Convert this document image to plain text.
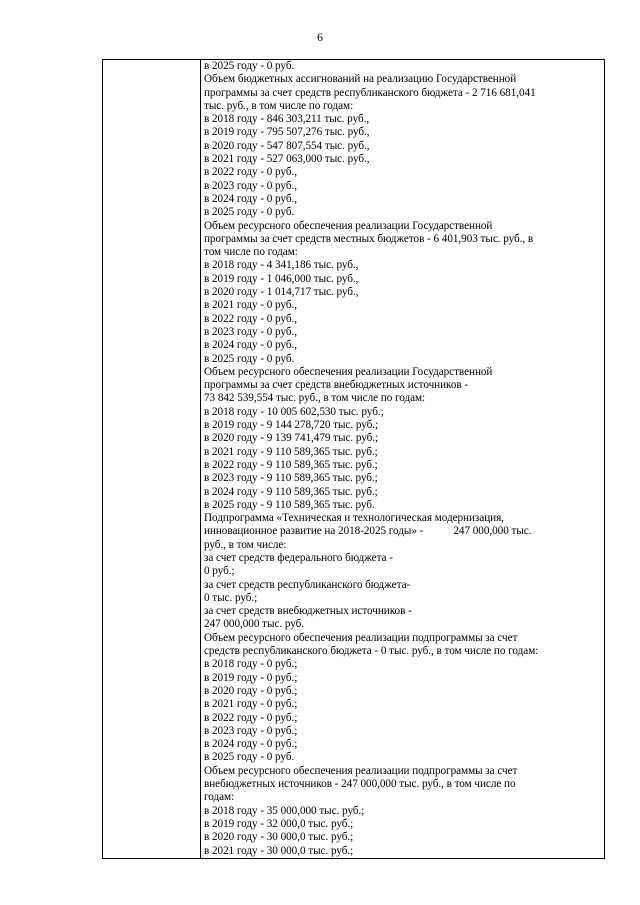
6

в 2025 году - 0 руб.
Объем бюджетных ассигнований на реализацию Государственной
программы за счет средств республиканского бюджета - 2 716 681,041
тыс. руб., в том числе по годам:
в 2018 году - 846 303,211 тыс. руб.,
в 2019 году - 795 507,276 тыс. руб.,
в 2020 году - 547 807,554 тыс. руб.,
в 2021 году - 527 063,000 тыс. руб.,
в 2022 году - 0 руб.,
в 2023 году - 0 руб.,
в 2024 году - 0 руб.,
в 2025 году - 0 руб.
Объем ресурсного обеспечения реализации Государственной
программы за счет средств местных бюджетов - 6 401,903 тыс. руб., в
том числе по годам:
в 2018 году - 4 341,186 тыс. руб.,
в 2019 году - 1 046,000 тыс. руб.,
в 2020 году - 1 014,717 тыс. руб.,
в 2021 году - 0 руб.,
в 2022 году - 0 руб.,
в 2023 году - 0 руб.,
в 2024 году - 0 руб.,
в 2025 году - 0 руб.
Объем ресурсного обеспечения реализации Государственной
программы за счет средств внебюджетных источников -
73 842 539,554 тыс. руб., в том числе по годам:
в 2018 году - 10 005 602,530 тыс. руб.;
в 2019 году - 9 144 278,720 тыс. руб.;
в 2020 году - 9 139 741,479 тыс. руб.;
в 2021 году - 9 110 589,365 тыс. руб.;
в 2022 году - 9 110 589,365 тыс. руб.;
в 2023 году - 9 110 589,365 тыс. руб.;
в 2024 году - 9 110 589,365 тыс. руб.;
в 2025 году - 9 110 589,365 тыс. руб.
Подпрограмма «Техническая и технологическая модернизация,
инновационное развитие на 2018-2025 годы» -	247 000,000 тыс.
руб., в том числе:
за счет средств федерального бюджета -
0 руб.;
за счет средств республиканского бюджета-
0 тыс. руб.;
за счет средств внебюджетных источников -
247 000,000 тыс. руб.
Объем ресурсного обеспечения реализации подпрограммы за счет
средств республиканского бюджета - 0 тыс. руб., в том числе по годам:
в 2018 году - 0 руб.;
в 2019 году - 0 руб.;
в 2020 году - 0 руб.;
в 2021 году - 0 руб.;
в 2022 году - 0 руб.;
в 2023 году - 0 руб.;
в 2024 году - 0 руб.;
в 2025 году - 0 руб.
Объем ресурсного обеспечения реализации подпрограммы за счет
внебюджетных источников - 247 000,000 тыс. руб., в том числе по
годам:
в 2018 году - 35 000,000 тыс. руб.;
в 2019 году - 32 000,0 тыс. руб.;
в 2020 году - 30 000,0 тыс. руб.;
в 2021 году - 30 000,0 тыс. руб.;
